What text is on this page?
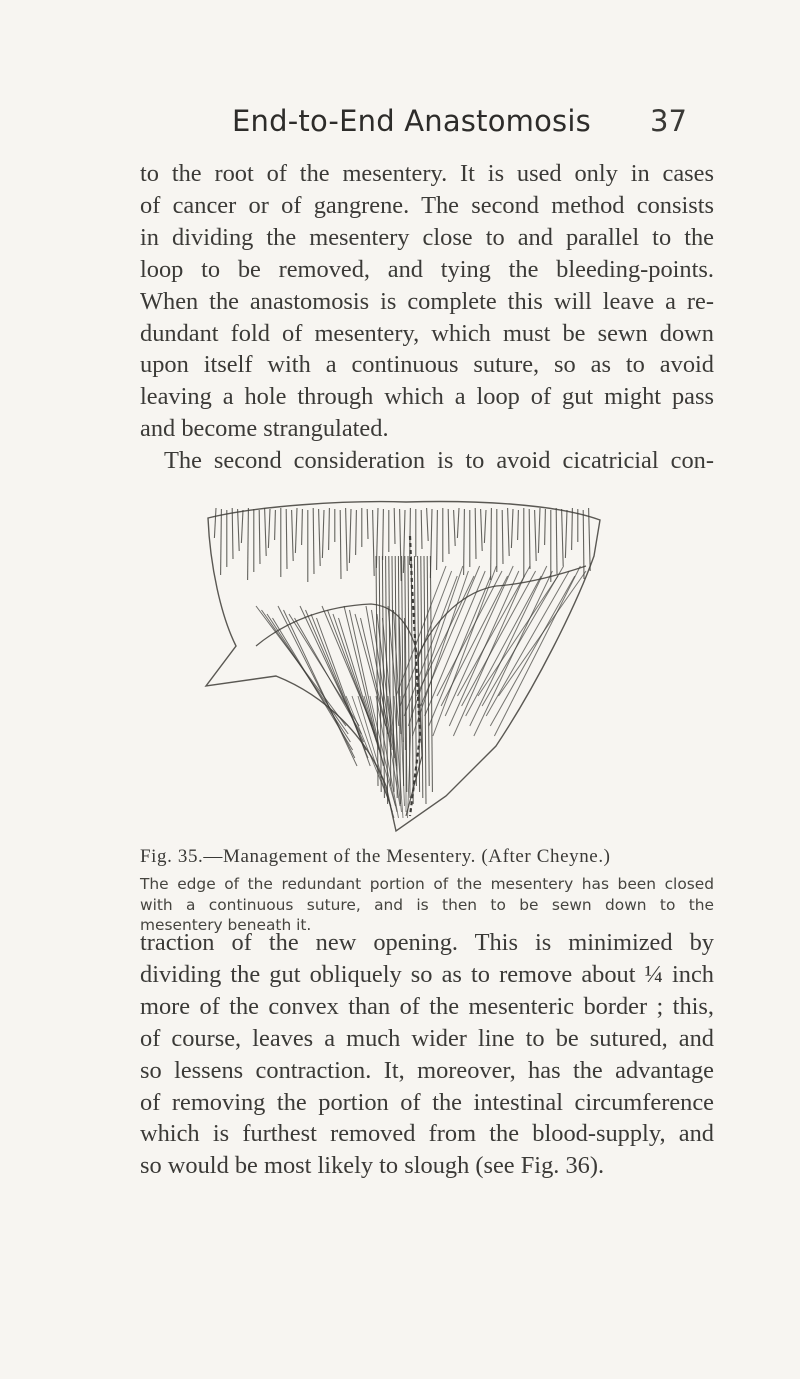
End-to-End Anastomosis 37
to the root of the mesentery. It is used only in cases
of cancer or of gangrene. The second method consists
in dividing the mesentery close to and parallel to the
loop to be removed, and tying the bleeding-points.
When the anastomosis is complete this will leave a re-
dundant fold of mesentery, which must be sewn down
upon itself with a continuous suture, so as to avoid
leaving a hole through which a loop of gut might pass
and become strangulated.
The second consideration is to avoid cicatricial con-
Fig. 35.—Management of the Mesentery. (After Cheyne.)
The edge of the redundant portion of the mesentery has been closed
with a continuous suture, and is then to be sewn down to the
mesentery beneath it.
traction of the new opening. This is minimized by
dividing the gut obliquely so as to remove about ¼ inch
more of the convex than of the mesenteric border ; this,
of course, leaves a much wider line to be sutured, and
so lessens contraction. It, moreover, has the advantage
of removing the portion of the intestinal circumference
which is furthest removed from the blood-supply, and
so would be most likely to slough (see Fig. 36).
